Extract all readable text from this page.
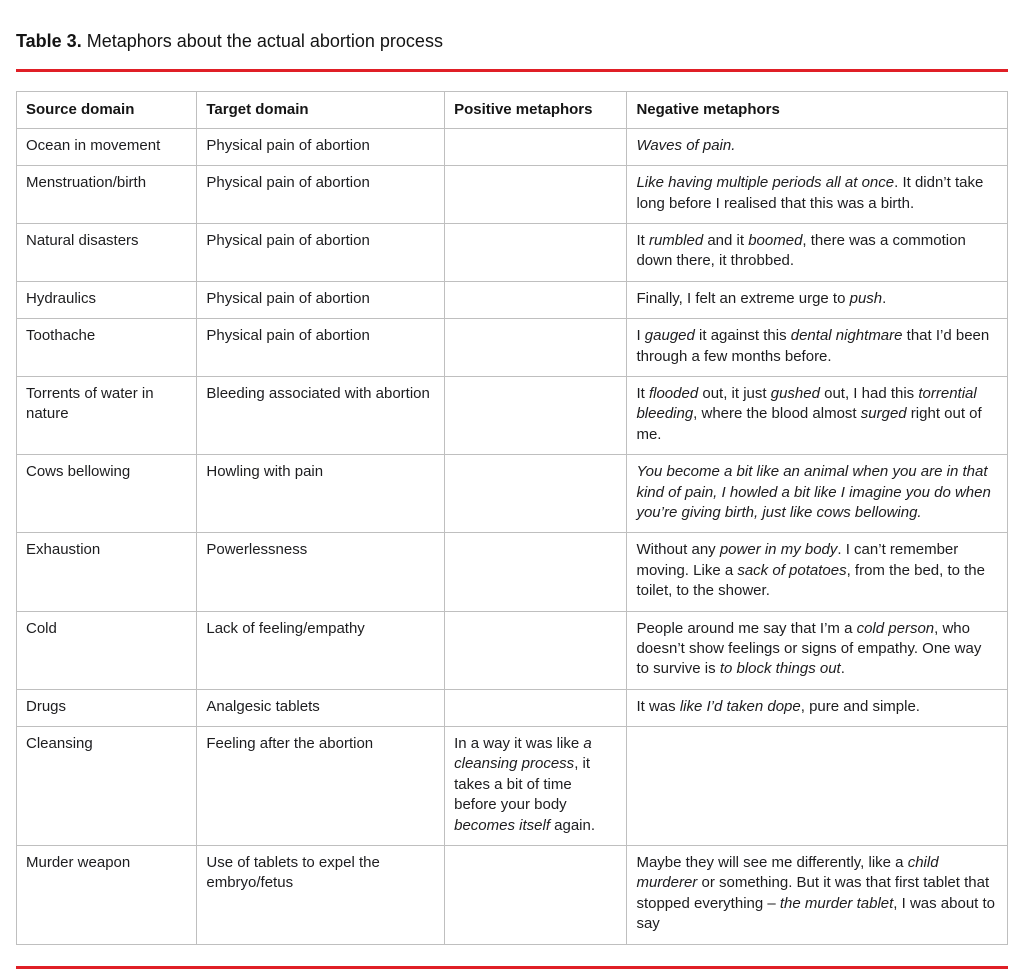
Table 3. Metaphors about the actual abortion process
Source domain	Target domain	Positive metaphors	Negative metaphors
Ocean in movement	Physical pain of abortion		Waves of pain.
Menstruation/birth	Physical pain of abortion		Like having multiple periods all at once. It didn’t take long before I realised that this was a birth.
Natural disasters	Physical pain of abortion		It rumbled and it boomed, there was a commotion down there, it throbbed.
Hydraulics	Physical pain of abortion		Finally, I felt an extreme urge to push.
Toothache	Physical pain of abortion		I gauged it against this dental nightmare that I’d been through a few months before.
Torrents of water in nature	Bleeding associated with abortion		It flooded out, it just gushed out, I had this torrential bleeding, where the blood almost surged right out of me.
Cows bellowing	Howling with pain		You become a bit like an animal when you are in that kind of pain, I howled a bit like I imagine you do when you’re giving birth, just like cows bellowing.
Exhaustion	Powerlessness		Without any power in my body. I can’t remember moving. Like a sack of potatoes, from the bed, to the toilet, to the shower.
Cold	Lack of feeling/empathy		People around me say that I’m a cold person, who doesn’t show feelings or signs of empathy. One way to survive is to block things out.
Drugs	Analgesic tablets		It was like I’d taken dope, pure and simple.
Cleansing	Feeling after the abortion	In a way it was like a cleansing process, it takes a bit of time before your body becomes itself again.	
Murder weapon	Use of tablets to expel the embryo/fetus		Maybe they will see me differently, like a child murderer or something. But it was that first tablet that stopped everything – the murder tablet, I was about to say
